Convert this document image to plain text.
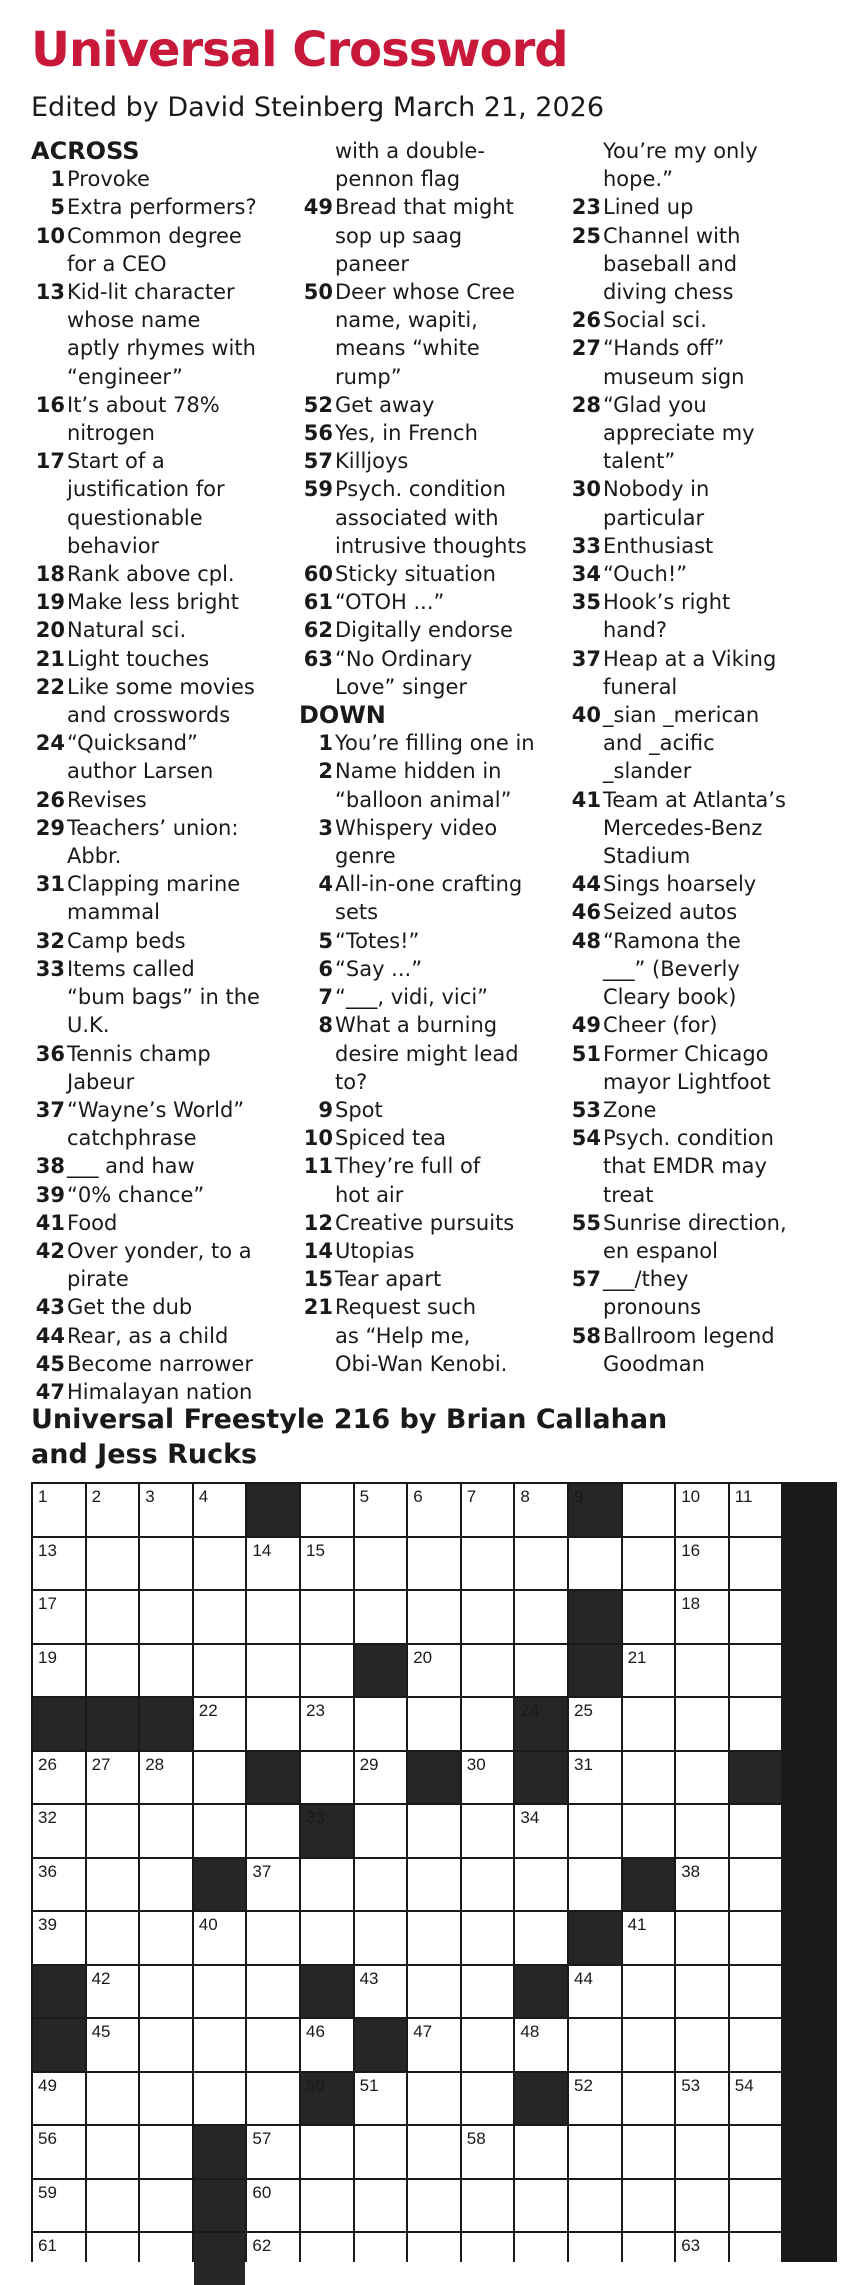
Universal Crossword
Edited by David Steinberg March 21, 2026
ACROSS
1 Provoke
5 Extra performers?
10 Common degree
for a CEO
13 Kid-lit character
whose name
aptly rhymes with
“engineer”
16 It’s about 78%
nitrogen
17 Start of a
justification for
questionable
behavior
18 Rank above cpl.
19 Make less bright
20 Natural sci.
21 Light touches
22 Like some movies
and crosswords
24 “Quicksand”
author Larsen
26 Revises
29 Teachers’ union:
Abbr.
31 Clapping marine
mammal
32 Camp beds
33 Items called
“bum bags” in the
U.K.
36 Tennis champ
Jabeur
37 “Wayne’s World”
catchphrase
38 ___ and haw
39 “0% chance”
41 Food
42 Over yonder, to a
pirate
43 Get the dub
44 Rear, as a child
45 Become narrower
47 Himalayan nation
with a double-
pennon flag
49 Bread that might
sop up saag
paneer
50 Deer whose Cree
name, wapiti,
means “white
rump”
52 Get away
56 Yes, in French
57 Killjoys
59 Psych. condition
associated with
intrusive thoughts
60 Sticky situation
61 “OTOH ...”
62 Digitally endorse
63 “No Ordinary
Love” singer
DOWN
1 You’re filling one in
2 Name hidden in
“balloon animal”
3 Whispery video
genre
4 All-in-one crafting
sets
5 “Totes!”
6 “Say ...”
7 “___, vidi, vici”
8 What a burning
desire might lead
to?
9 Spot
10 Spiced tea
11 They’re full of
hot air
12 Creative pursuits
14 Utopias
15 Tear apart
21 Request such
as “Help me,
Obi-Wan Kenobi.
You’re my only
hope.”
23 Lined up
25 Channel with
baseball and
diving chess
26 Social sci.
27 “Hands off”
museum sign
28 “Glad you
appreciate my
talent”
30 Nobody in
particular
33 Enthusiast
34 “Ouch!”
35 Hook’s right
hand?
37 Heap at a Viking
funeral
40 _sian _merican
and _acific
_slander
41 Team at Atlanta’s
Mercedes-Benz
Stadium
44 Sings hoarsely
46 Seized autos
48 “Ramona the
___” (Beverly
Cleary book)
49 Cheer (for)
51 Former Chicago
mayor Lightfoot
53 Zone
54 Psych. condition
that EMDR may
treat
55 Sunrise direction,
en espanol
57 ___/they
pronouns
58 Ballroom legend
Goodman
Universal Freestyle 216 by Brian Callahan and Jess Rucks
1	2	3	4	5	6	7	8	9	10 11
13	14 15	16
17	18
19	20	21
22	23	24 25
26 27 28	29	30	31
32	33	34
36	37	38
39	40	41
42	43	44
45	46	47	48
49	50 51	52	53 54
56	57	58
59	60
61	62	63
